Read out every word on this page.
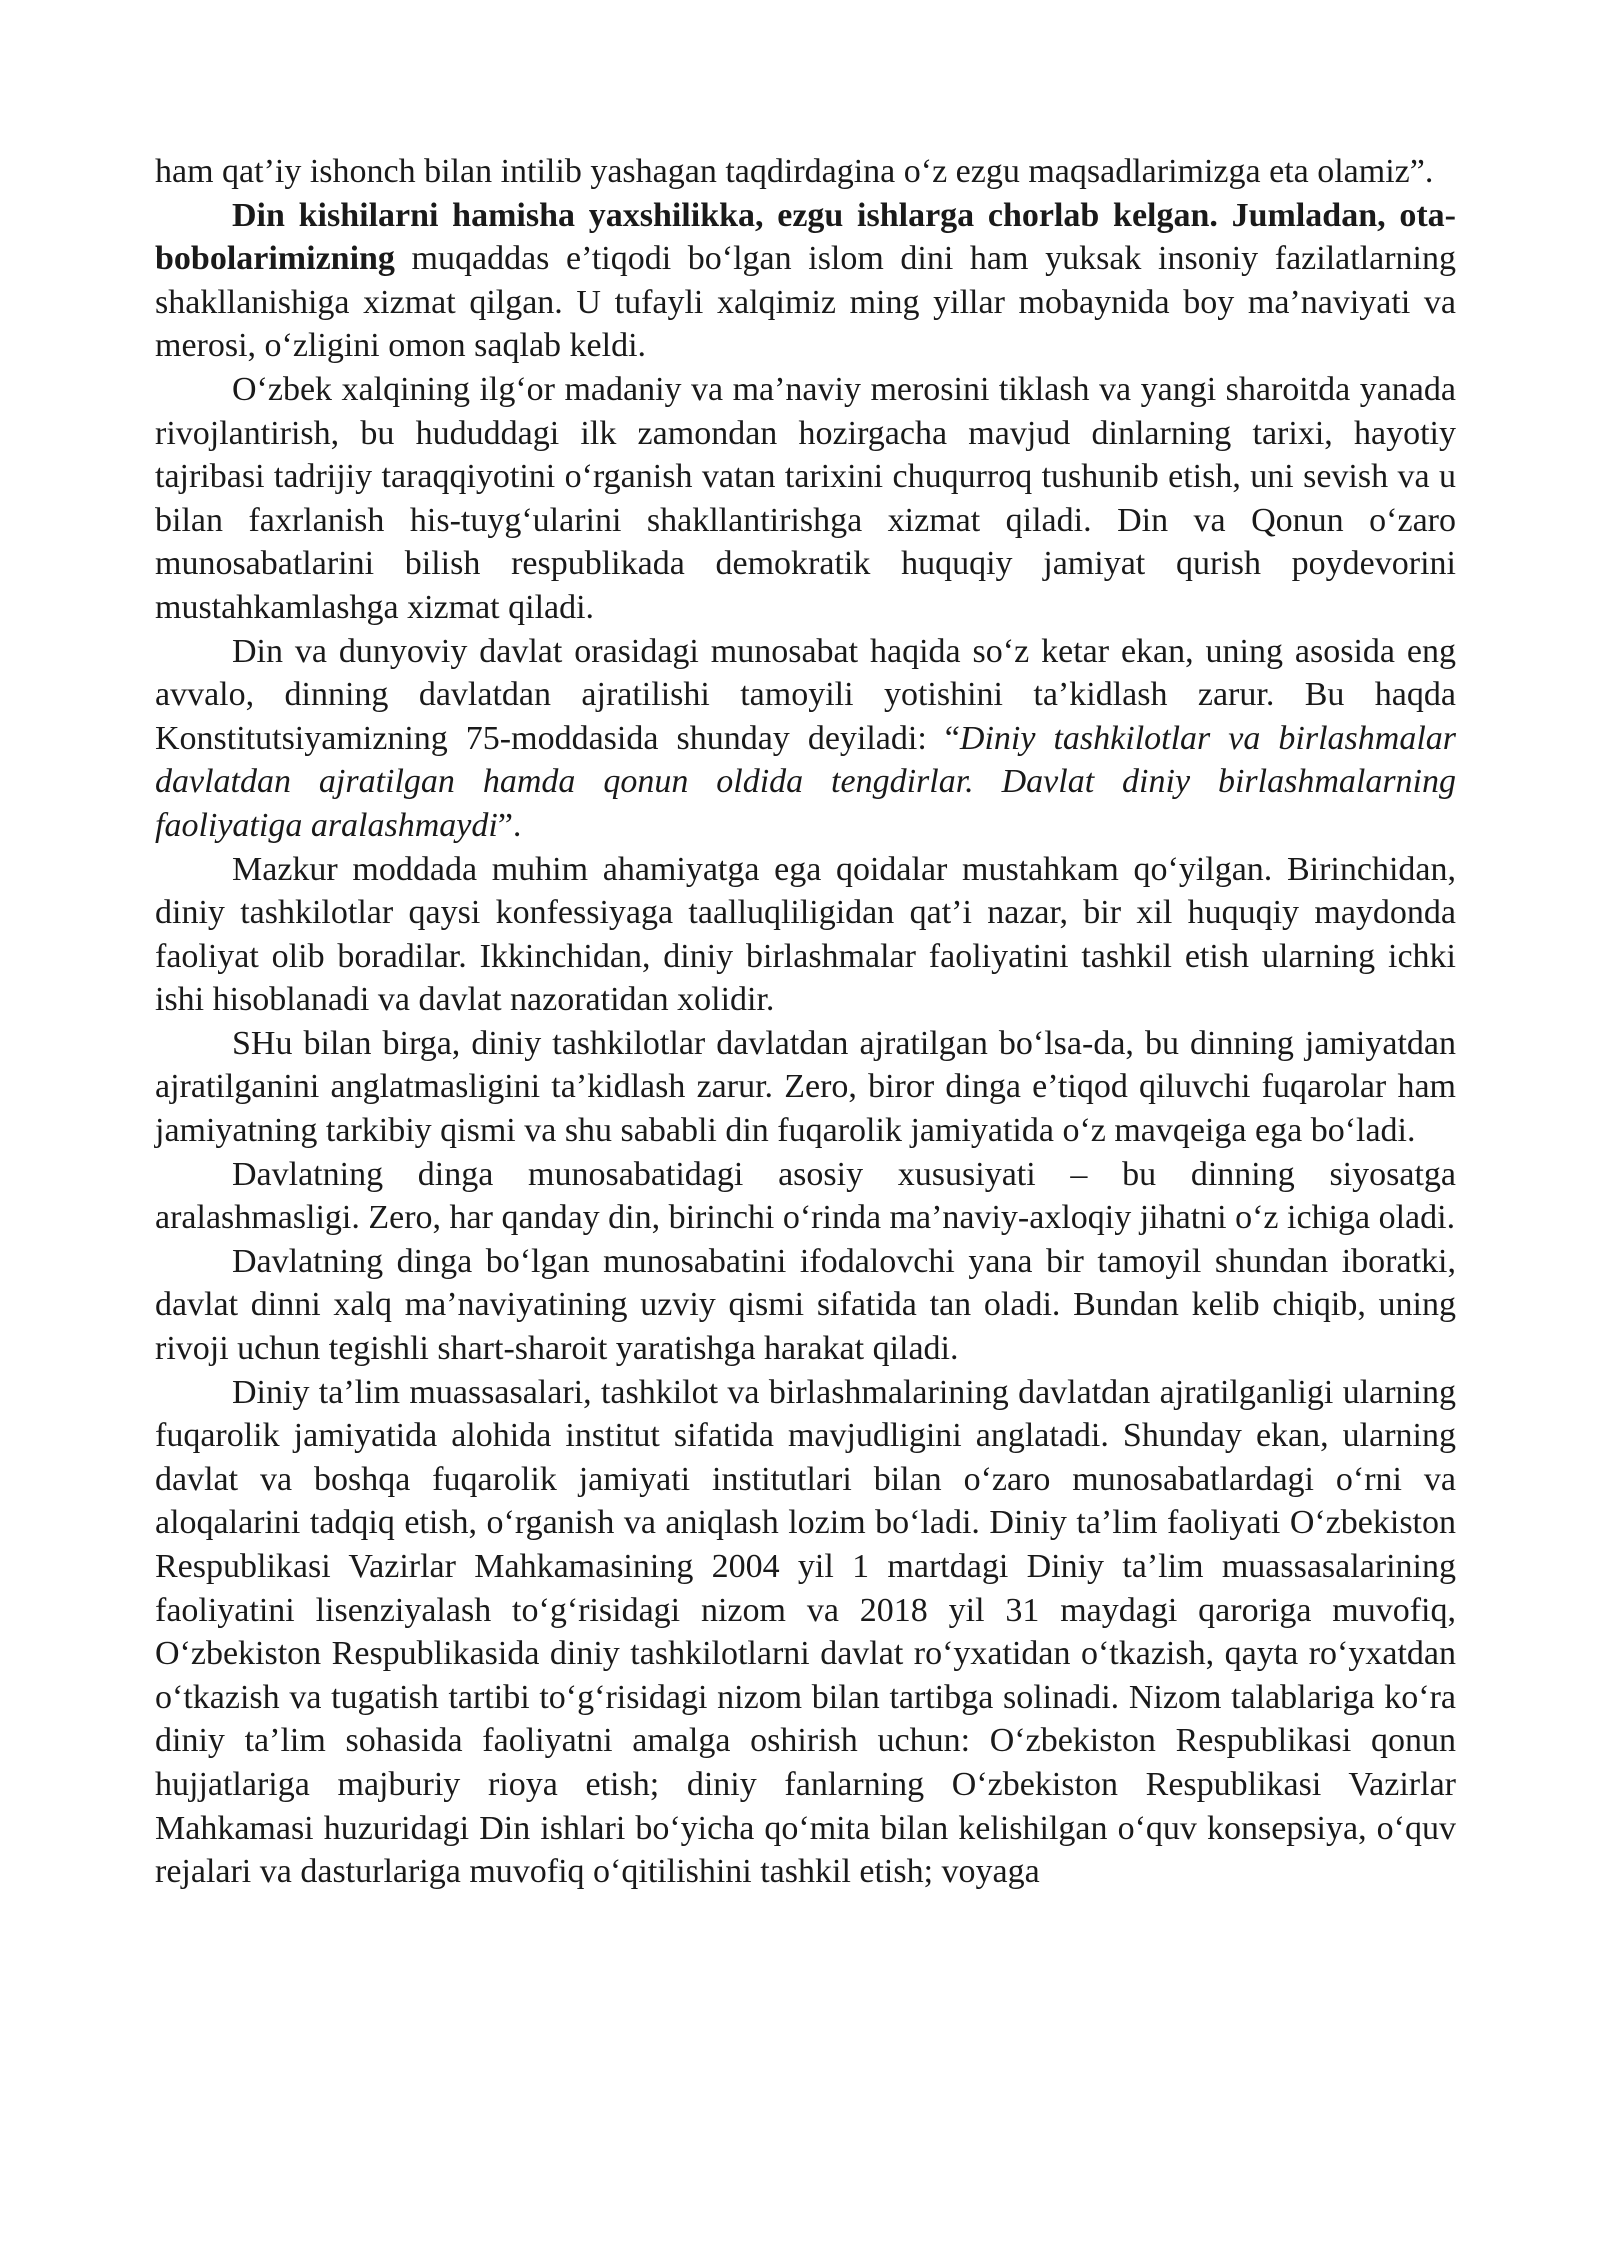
ham qat’iy ishonch bilan intilib yashagan taqdirdagina o‘z ezgu maqsadlarimizga eta olamiz”.

Din kishilarni hamisha yaxshilikka, ezgu ishlarga chorlab kelgan. Jumladan, ota-bobolarimizning muqaddas e’tiqodi bo‘lgan islom dini ham yuksak insoniy fazilatlarning shakllanishiga xizmat qilgan. U tufayli xalqimiz ming yillar mobaynida boy ma’naviyati va merosi, o‘zligini omon saqlab keldi.

O‘zbek xalqining ilg‘or madaniy va ma’naviy merosini tiklash va yangi sharoitda yanada rivojlantirish, bu hududdagi ilk zamondan hozirgacha mavjud dinlarning tarixi, hayotiy tajribasi tadrijiy taraqqiyotini o‘rganish vatan tarixini chuqurroq tushunib etish, uni sevish va u bilan faxrlanish his-tuyg‘ularini shakllantirishga xizmat qiladi. Din va Qonun o‘zaro munosabatlarini bilish respublikada demokratik huquqiy jamiyat qurish poydevorini mustahkamlashga xizmat qiladi.

Din va dunyoviy davlat orasidagi munosabat haqida so‘z ketar ekan, uning asosida eng avvalo, dinning davlatdan ajratilishi tamoyili yotishini ta’kidlash zarur. Bu haqda Konstitutsiyamizning 75-moddasida shunday deyiladi: “Diniy tashkilotlar va birlashmalar davlatdan ajratilgan hamda qonun oldida tengdirlar. Davlat diniy birlashmalarning faoliyatiga aralashmaydi”.

Mazkur moddada muhim ahamiyatga ega qoidalar mustahkam qo‘yilgan. Birinchidan, diniy tashkilotlar qaysi konfessiyaga taalluqliligidan qat’i nazar, bir xil huquqiy maydonda faoliyat olib boradilar. Ikkinchidan, diniy birlashmalar faoliyatini tashkil etish ularning ichki ishi hisoblanadi va davlat nazoratidan xolidir.

SHu bilan birga, diniy tashkilotlar davlatdan ajratilgan bo‘lsa-da, bu dinning jamiyatdan ajratilganini anglatmasligini ta’kidlash zarur. Zero, biror dinga e’tiqod qiluvchi fuqarolar ham jamiyatning tarkibiy qismi va shu sababli din fuqarolik jamiyatida o‘z mavqeiga ega bo‘ladi.

Davlatning dinga munosabatidagi asosiy xususiyati – bu dinning siyosatga aralashmasligi. Zero, har qanday din, birinchi o‘rinda ma’naviy-axloqiy jihatni o‘z ichiga oladi.

Davlatning dinga bo‘lgan munosabatini ifodalovchi yana bir tamoyil shundan iboratki, davlat dinni xalq ma’naviyatining uzviy qismi sifatida tan oladi. Bundan kelib chiqib, uning rivoji uchun tegishli shart-sharoit yaratishga harakat qiladi.

Diniy ta’lim muassasalari, tashkilot va birlashmalarining davlatdan ajratilganligi ularning fuqarolik jamiyatida alohida institut sifatida mavjudligini anglatadi. Shunday ekan, ularning davlat va boshqa fuqarolik jamiyati institutlari bilan o‘zaro munosabatlardagi o‘rni va aloqalarini tadqiq etish, o‘rganish va aniqlash lozim bo‘ladi. Diniy ta’lim faoliyati O‘zbekiston Respublikasi Vazirlar Mahkamasining 2004 yil 1 martdagi Diniy ta’lim muassasalarining faoliyatini lisenziyalash to‘g‘risidagi nizom va 2018 yil 31 maydagi qaroriga muvofiq, O‘zbekiston Respublikasida diniy tashkilotlarni davlat ro‘yxatidan o‘tkazish, qayta ro‘yxatdan o‘tkazish va tugatish tartibi to‘g‘risidagi nizom bilan tartibga solinadi. Nizom talablariga ko‘ra diniy ta’lim sohasida faoliyatni amalga oshirish uchun: O‘zbekiston Respublikasi qonun hujjatlariga majburiy rioya etish; diniy fanlarning O‘zbekiston Respublikasi Vazirlar Mahkamasi huzuridagi Din ishlari bo‘yicha qo‘mita bilan kelishilgan o‘quv konsepsiya, o‘quv rejalari va dasturlariga muvofiq o‘qitilishini tashkil etish; voyaga
